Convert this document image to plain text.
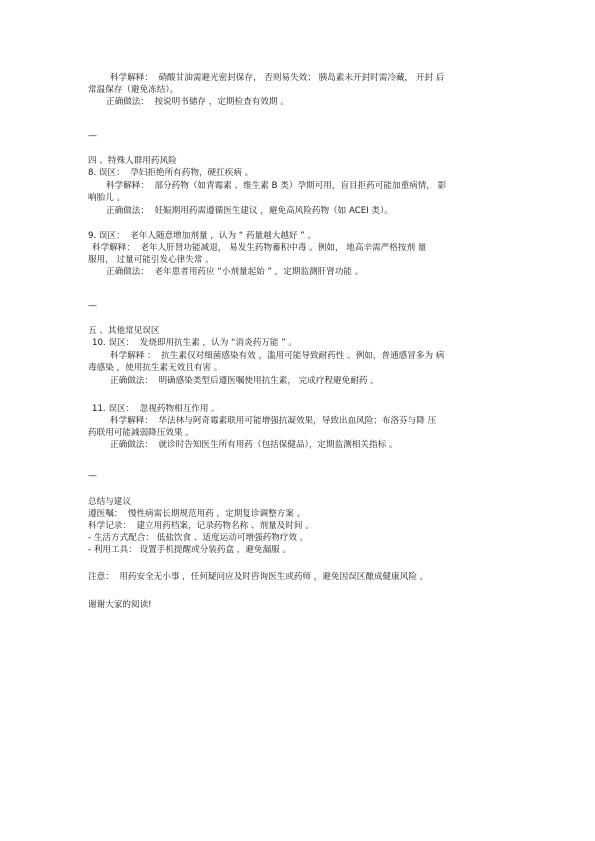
科学解释： 硝酸甘油需避光密封保存， 否则易失效； 胰岛素未开封时需冷藏， 开封 后
常温保存（避免冻结）。
正确做法： 按说明书储存 ，定期检查有效期 。
—
四 、特殊人群用药风险
8. 误区： 孕妇拒绝所有药物，硬扛疾病 。
科学解释： 部分药物（如青霉素 、维生素 B 类）孕期可用，盲目拒药可能加重病情， 影
响胎儿 。
正确做法： 妊娠期用药需遵循医生建议 ，避免高风险药物（如 ACEI 类）。
9. 误区： 老年人随意增加剂量 ，认为 “ 药量越大越好 ” 。
科学解释： 老年人肝肾功能减退， 易发生药物蓄积中毒 。例如， 地高辛需严格按剂 量
服用， 过量可能引发心律失常 。
正确做法： 老年患者用药应 “小剂量起始 ” ，定期监测肝肾功能 。
—
五 、其他常见误区
10. 误区： 发烧即用抗生素 ，认为 “消炎药万能 ” 。
科学解释 ： 抗生素仅对细菌感染有效 ，滥用可能导致耐药性 。例如，普通感冒多为 病
毒感染 ，使用抗生素无效且有害 。
正确做法： 明确感染类型后遵医嘱使用抗生素， 完成疗程避免耐药 。
11. 误区： 忽视药物相互作用 。
科学解释： 华法林与阿奇霉素联用可能增强抗凝效果，导致出血风险；布洛芬与降 压
药联用可能减弱降压效果 。
正确做法： 就诊时告知医生所有用药（包括保健品），定期监测相关指标 。
—
总结与建议
遵医嘱： 慢性病需长期规范用药 ，定期复诊调整方案 。
科学记录： 建立用药档案，记录药物名称 、剂量及时间 。
- 生活方式配合： 低盐饮食 、适度运动可增强药物疗效 。
- 利用工具： 设置手机提醒或分装药盒 ，避免漏服 。
注意： 用药安全无小事 ，任何疑问应及时咨询医生或药师 ，避免因误区酿成健康风险 。
谢谢大家的阅读!
